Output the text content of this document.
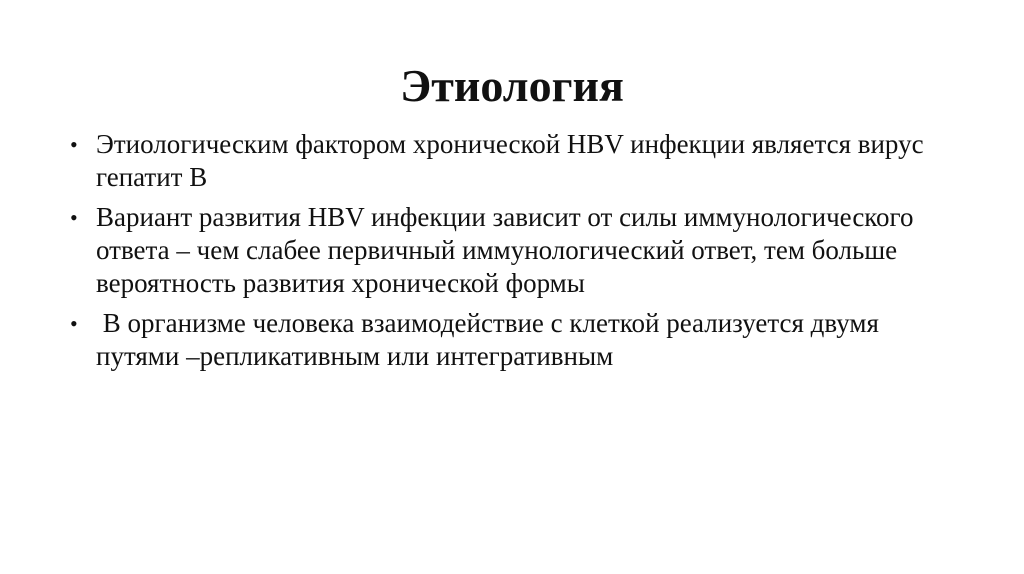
Этиология
• Этиологическим фактором хронической HBV инфекции является вирус гепатит В
• Вариант развития HBV инфекции зависит от силы иммунологического ответа – чем слабее первичный иммунологический ответ, тем больше вероятность развития хронической формы
• В организме человека взаимодействие с клеткой реализуется двумя путями –репликативным или интегративным
